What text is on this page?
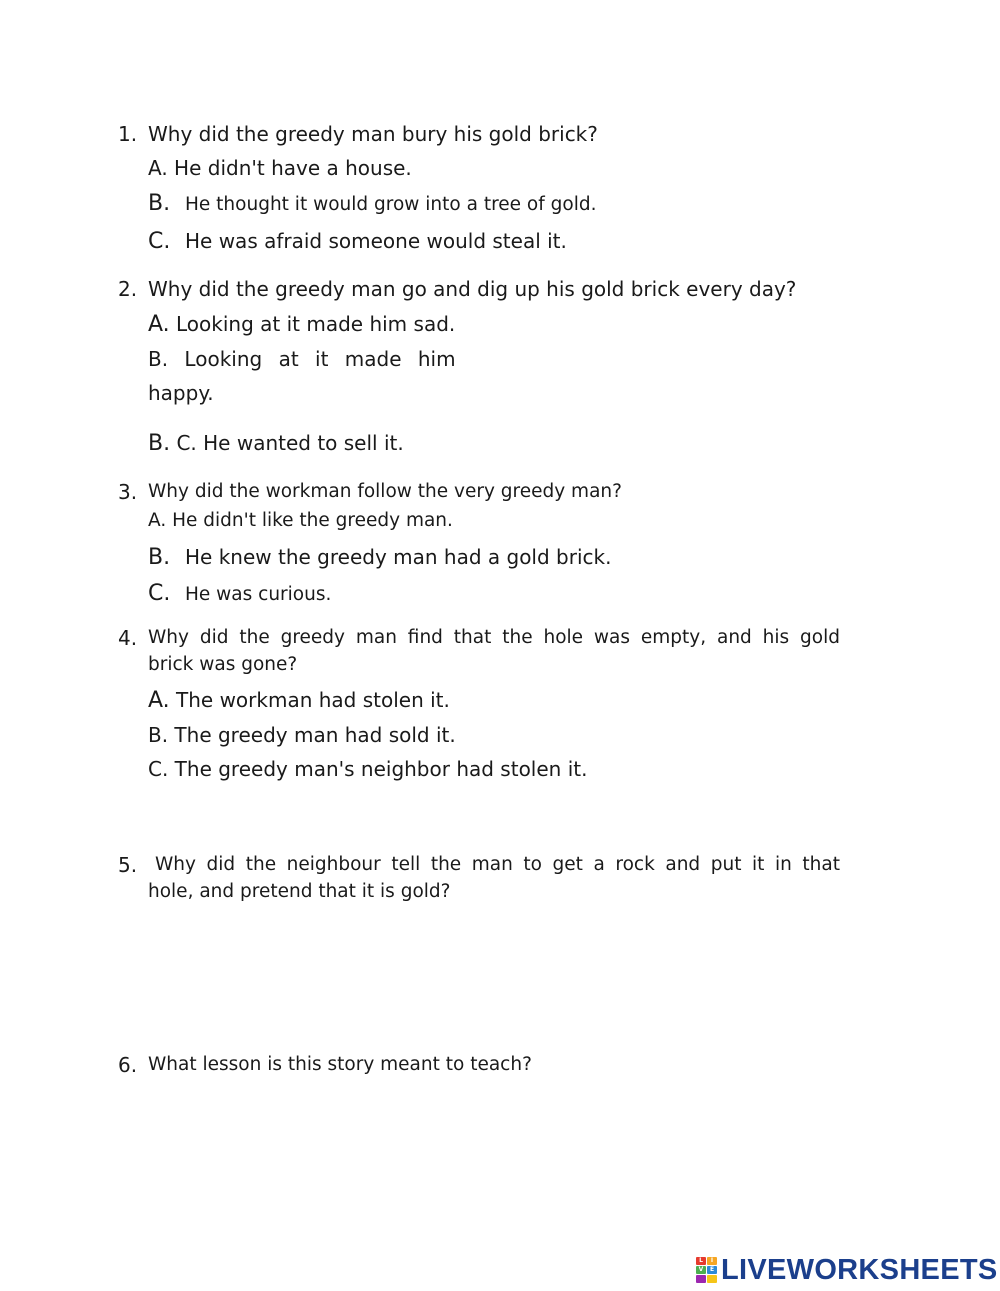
1. Why did the greedy man bury his gold brick?
A. He didn't have a house.
B. He thought it would grow into a tree of gold.
C. He was afraid someone would steal it.
2. Why did the greedy man go and dig up his gold brick every day?
A. Looking at it made him sad.
B. Looking at it made him
happy.
B. C. He wanted to sell it.
3. Why did the workman follow the very greedy man?
A. He didn't like the greedy man.
B. He knew the greedy man had a gold brick.
C. He was curious.
4. Why did the greedy man find that the hole was empty, and his gold
brick was gone?
A. The workman had stolen it.
B. The greedy man had sold it.
C. The greedy man's neighbor had stolen it.
5. Why did the neighbour tell the man to get a rock and put it in that
hole, and pretend that it is gold?
6. What lesson is this story meant to teach?
L	I
V	E LIVEWORKSHEETS
